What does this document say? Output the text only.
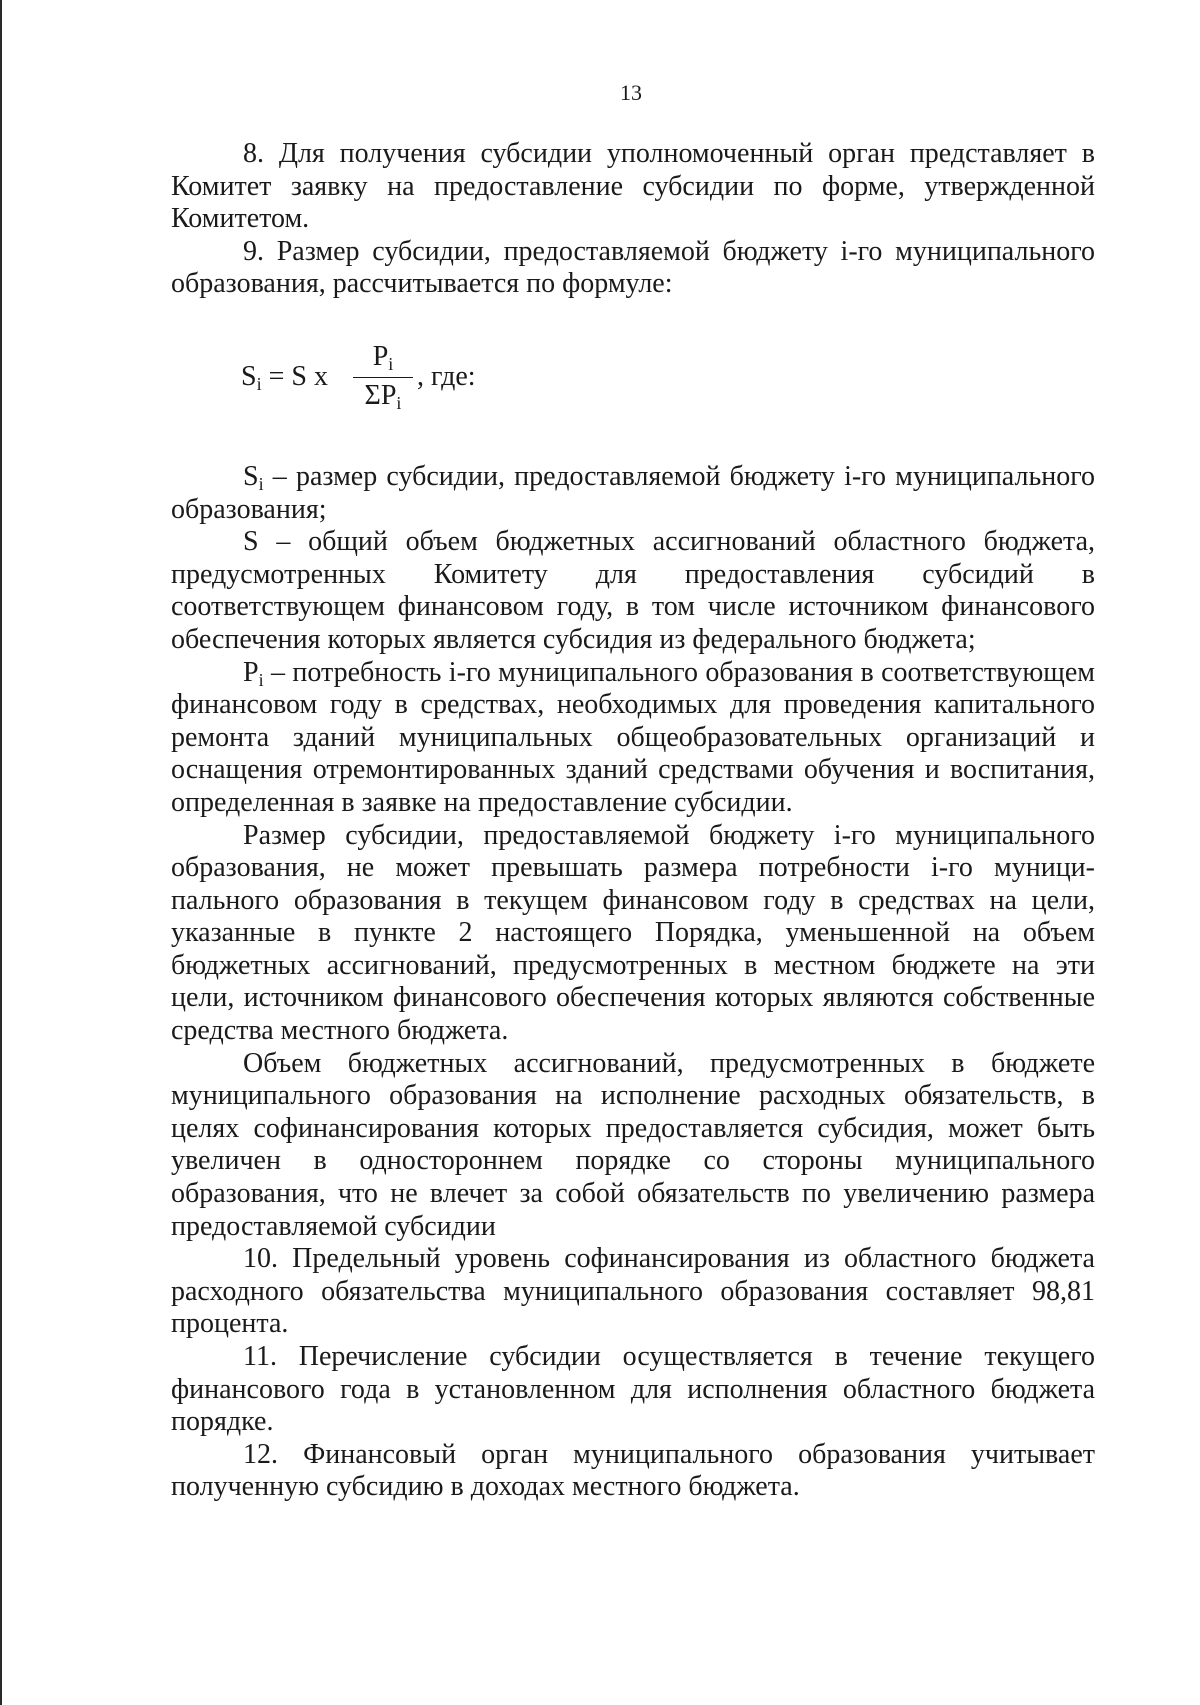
13

8. Для получения субсидии уполномоченный орган представляет в Комитет заявку на предоставление субсидии по форме, утвержденной Комитетом.

9. Размер субсидии, предоставляемой бюджету i-го муниципального образования, рассчитывается по формуле:

$S_i = S$ x
$P_i$
$\Sigma P_i$
, где:

$S_i$ – размер субсидии, предоставляемой бюджету i-го муниципального образования;

S – общий объем бюджетных ассигнований областного бюджета, предусмотренных Комитету для предоставления субсидий в соответствующем финансовом году, в том числе источником финансового обеспечения которых является субсидия из федерального бюджета;

$P_i$ – потребность i-го муниципального образования в соответствующем финансовом году в средствах, необходимых для проведения капитального ремонта зданий муниципальных общеобразовательных организаций и оснащения отремонтированных зданий средствами обучения и воспитания, определенная в заявке на предоставление субсидии.

Размер субсидии, предоставляемой бюджету i-го муниципального образования, не может превышать размера потребности i-го муници-пального образования в текущем финансовом году в средствах на цели, указанные в пункте 2 настоящего Порядка, уменьшенной на объем бюджетных ассигнований, предусмотренных в местном бюджете на эти цели, источником финансового обеспечения которых являются собственные средства местного бюджета.

Объем бюджетных ассигнований, предусмотренных в бюджете муниципального образования на исполнение расходных обязательств, в целях софинансирования которых предоставляется субсидия, может быть увеличен в одностороннем порядке со стороны муниципального образования, что не влечет за собой обязательств по увеличению размера предоставляемой субсидии

10. Предельный уровень софинансирования из областного бюджета расходного обязательства муниципального образования составляет 98,81 процента.

11. Перечисление субсидии осуществляется в течение текущего финансового года в установленном для исполнения областного бюджета порядке.

12. Финансовый орган муниципального образования учитывает полученную субсидию в доходах местного бюджета.
